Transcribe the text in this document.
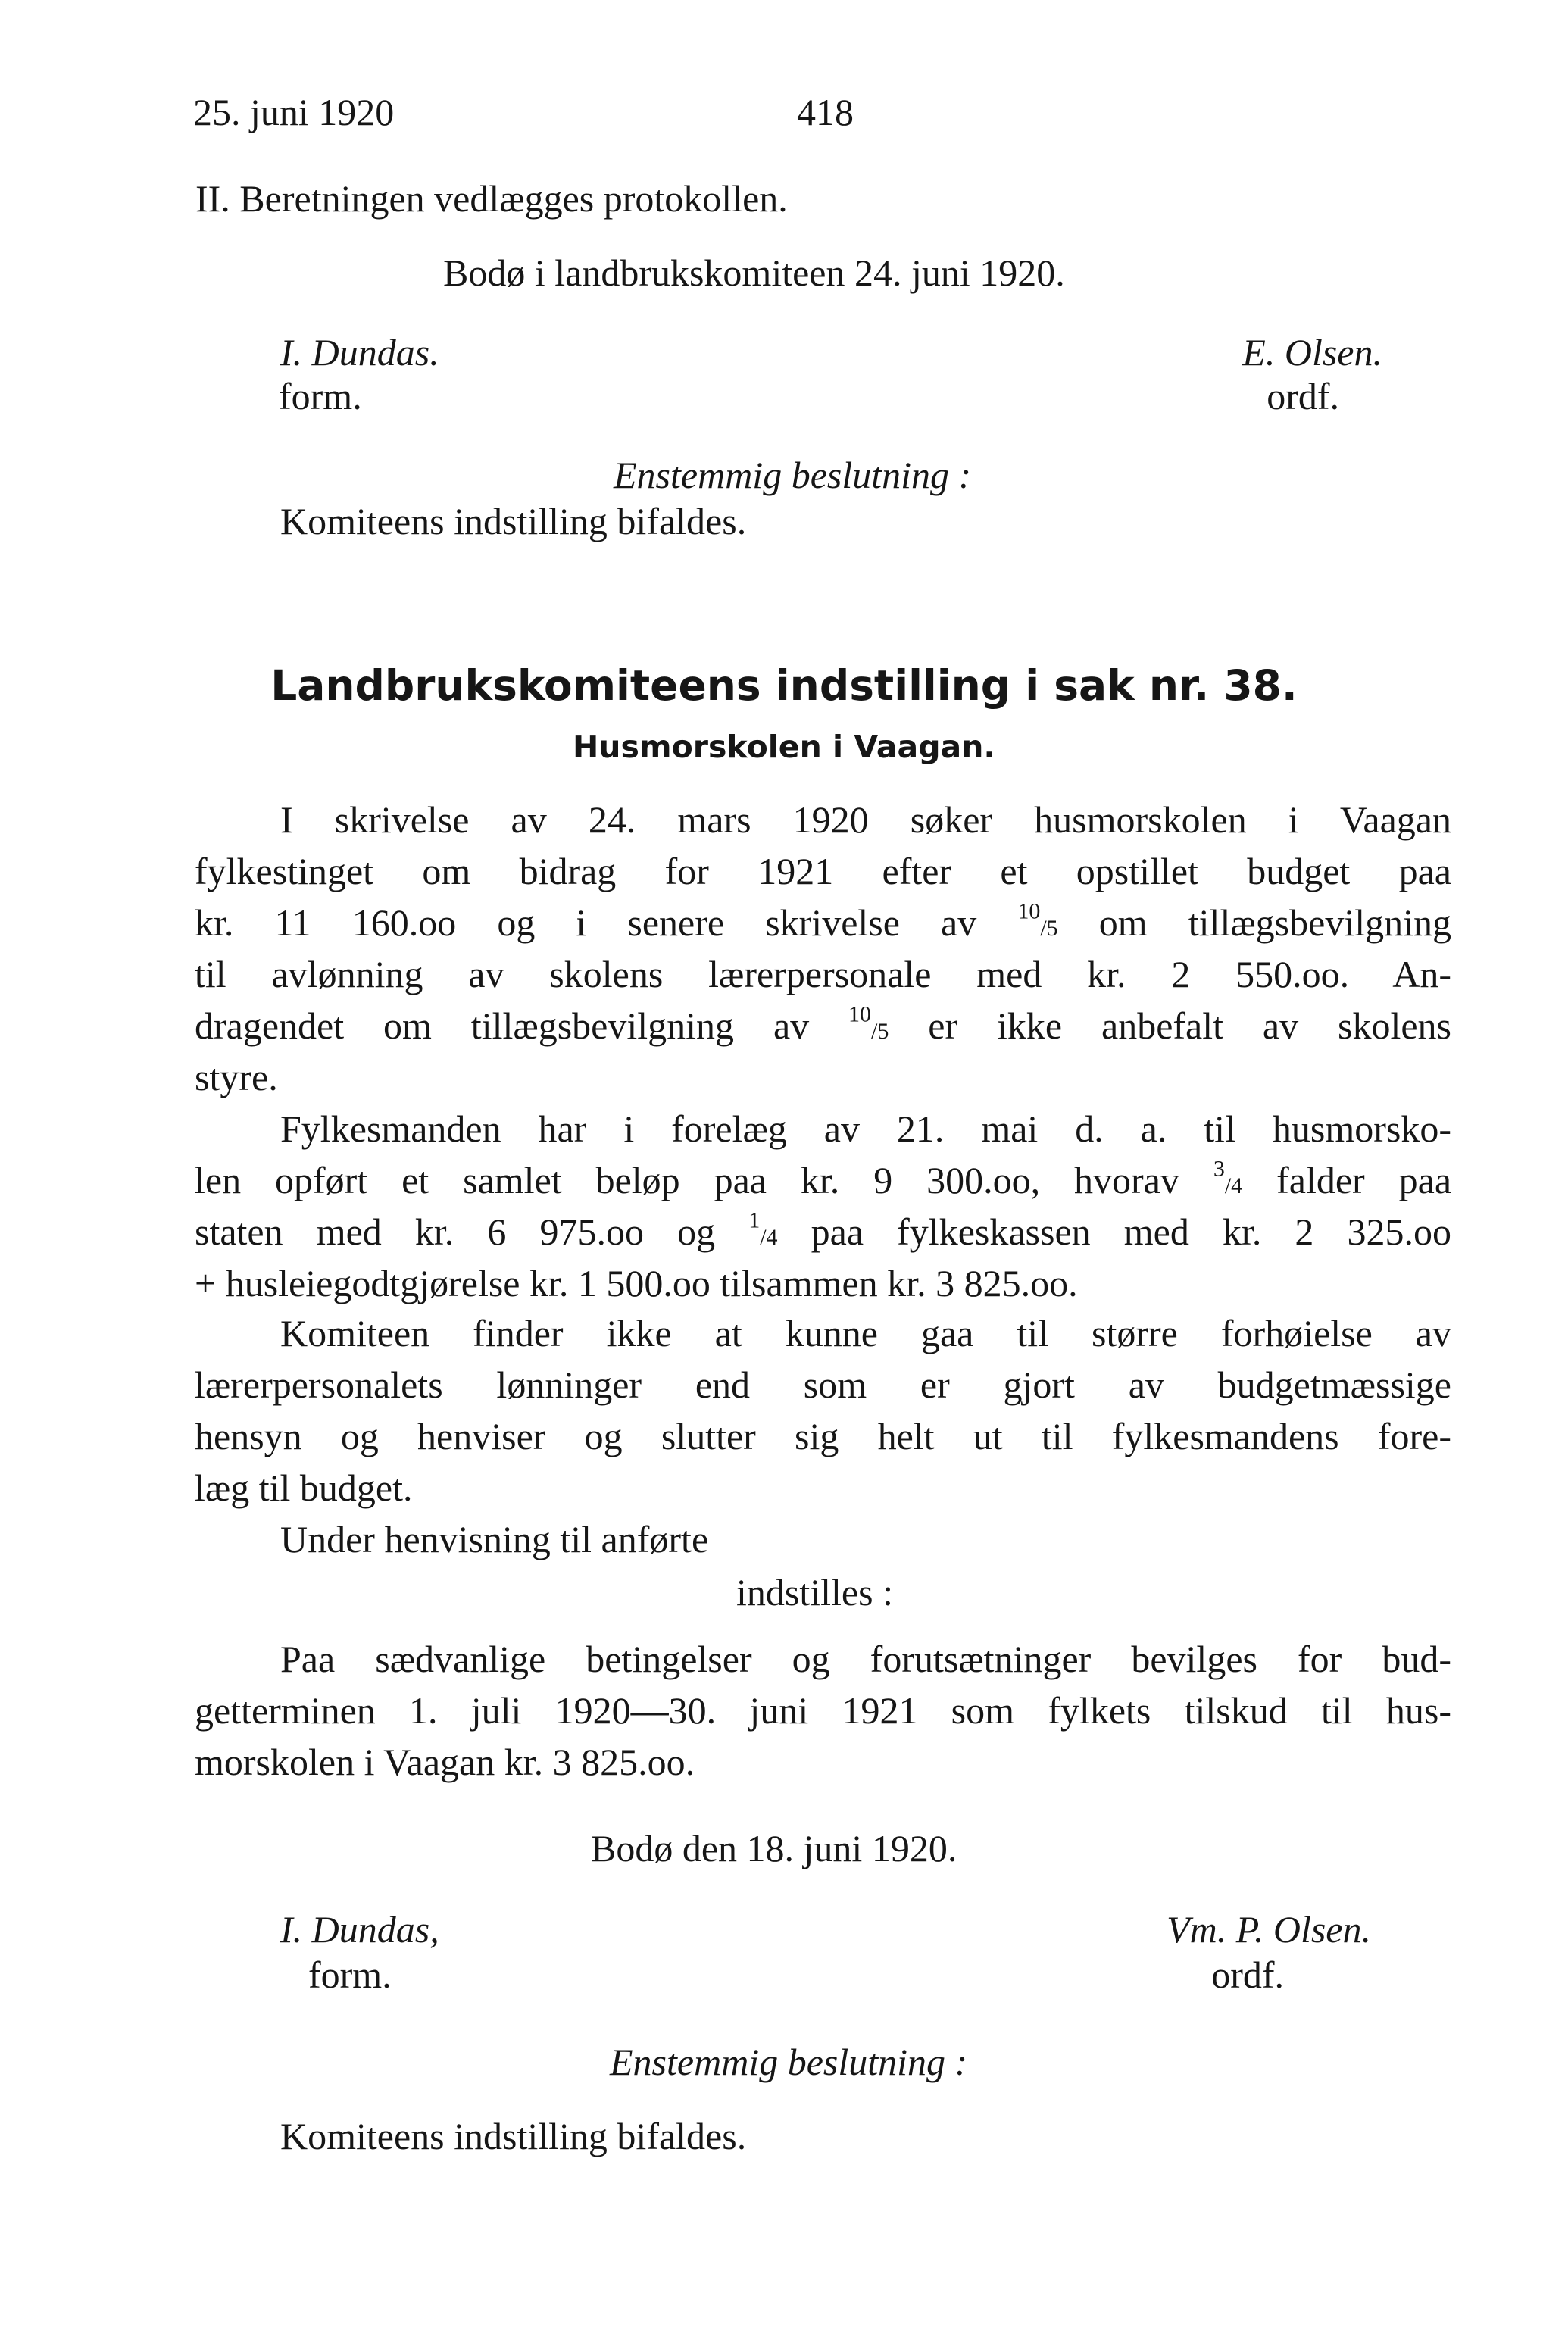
25. juni 1920	418
II. Beretningen vedlægges protokollen.
Bodø i landbrukskomiteen 24. juni 1920.
I. Dundas.
form.
E. Olsen.
ordf.
Enstemmig beslutning :
Komiteens indstilling bifaldes.
Landbrukskomiteens indstilling i sak nr. 38.
Husmorskolen i Vaagan.
I skrivelse av 24. mars 1920 søker husmorskolen i Vaagan
fylkestinget om bidrag for 1921 efter et opstillet budget paa
kr. 11 160.oo og i senere skrivelse av $^{10}$/5 om tillægsbevilgning
til avlønning av skolens lærerpersonale med kr. 2 550.oo. An-
dragendet om tillægsbevilgning av $^{10}$/5 er ikke anbefalt av skolens
styre.
Fylkesmanden har i forelæg av 21. mai d. a. til husmorsko-
len opført et samlet beløp paa kr. 9 300.oo, hvorav $^3$/4 falder paa
staten med kr. 6 975.oo og $^1$/4 paa fylkeskassen med kr. 2 325.oo
+ husleiegodtgjørelse kr. 1 500.oo tilsammen kr. 3 825.oo.
Komiteen finder ikke at kunne gaa til større forhøielse av
lærerpersonalets lønninger end som er gjort av budgetmæssige
hensyn og henviser og slutter sig helt ut til fylkesmandens fore-
læg til budget.
Under henvisning til anførte
indstilles :
Paa sædvanlige betingelser og forutsætninger bevilges for bud-
getterminen 1. juli 1920—30. juni 1921 som fylkets tilskud til hus-
morskolen i Vaagan kr. 3 825.oo.
Bodø den 18. juni 1920.
I. Dundas,
form.
Vm. P. Olsen.
ordf.
Enstemmig beslutning :
Komiteens indstilling bifaldes.
